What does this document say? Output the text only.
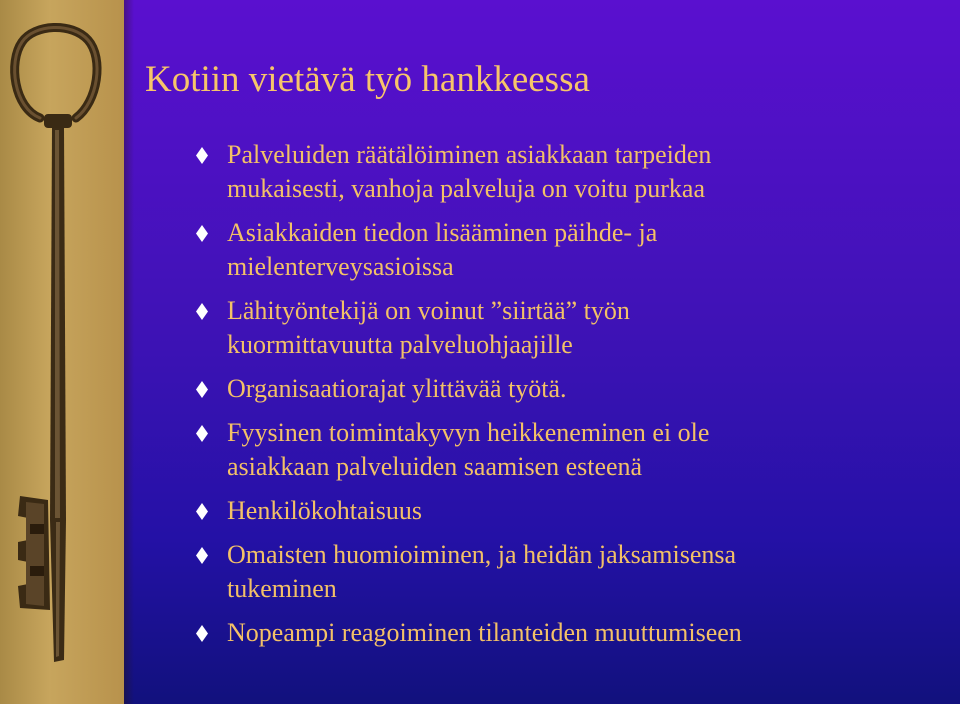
Kotiin vietävä työ hankkeessa
Palveluiden räätälöiminen asiakkaan tarpeiden
mukaisesti, vanhoja palveluja on voitu purkaa
Asiakkaiden tiedon lisääminen päihde- ja
mielenterveysasioissa
Lähityöntekijä on voinut ”siirtää” työn
kuormittavuutta palveluohjaajille
Organisaatiorajat ylittävää työtä.
Fyysinen toimintakyvyn heikkeneminen ei ole
asiakkaan palveluiden saamisen esteenä
Henkilökohtaisuus
Omaisten huomioiminen, ja heidän jaksamisensa
tukeminen
Nopeampi reagoiminen tilanteiden muuttumiseen
